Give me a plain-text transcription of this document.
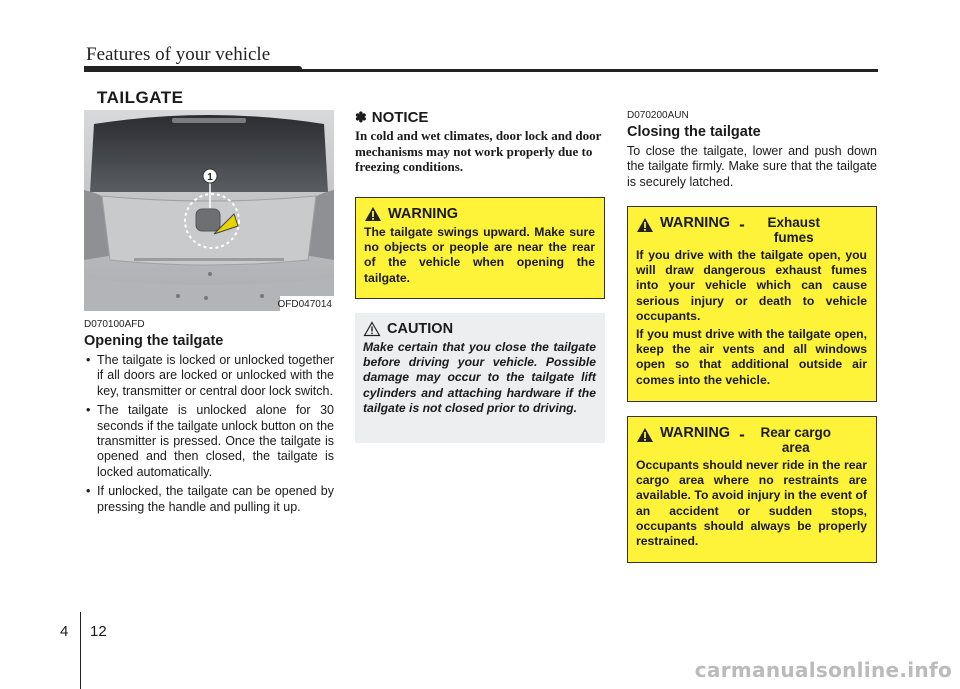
Features of your vehicle
TAILGATE
1
OFD047014
D070100AFD
Opening the tailgate
• The tailgate is locked or unlocked together if all doors are locked or unlocked with the key, transmitter or central door lock switch.
• The tailgate is unlocked alone for 30 seconds if the tailgate unlock button on the transmitter is pressed. Once the tailgate is opened and then closed, the tailgate is locked automatically.
• If unlocked, the tailgate can be opened by pressing the handle and pulling it up.
✽ NOTICE
In cold and wet climates, door lock and door mechanisms may not work properly due to freezing conditions.
WARNING
The tailgate swings upward. Make sure no objects or people are near the rear of the vehicle when opening the tailgate.
CAUTION
Make certain that you close the tailgate before driving your vehicle. Possible damage may occur to the tailgate lift cylinders and attaching hardware if the tailgate is not closed prior to driving.
D070200AUN
Closing the tailgate
To close the tailgate, lower and push down the tailgate firmly. Make sure that the tailgate is securely latched.
WARNING -	Exhaust fumes
If you drive with the tailgate open, you will draw dangerous exhaust fumes into your vehicle which can cause serious injury or death to vehicle occupants.
If you must drive with the tailgate open, keep the air vents and all windows open so that additional outside air comes into the vehicle.
WARNING -	Rear cargo area
Occupants should never ride in the rear cargo area where no restraints are available. To avoid injury in the event of an accident or sudden stops, occupants should always be properly restrained.
4 12
carmanualsonline.info
